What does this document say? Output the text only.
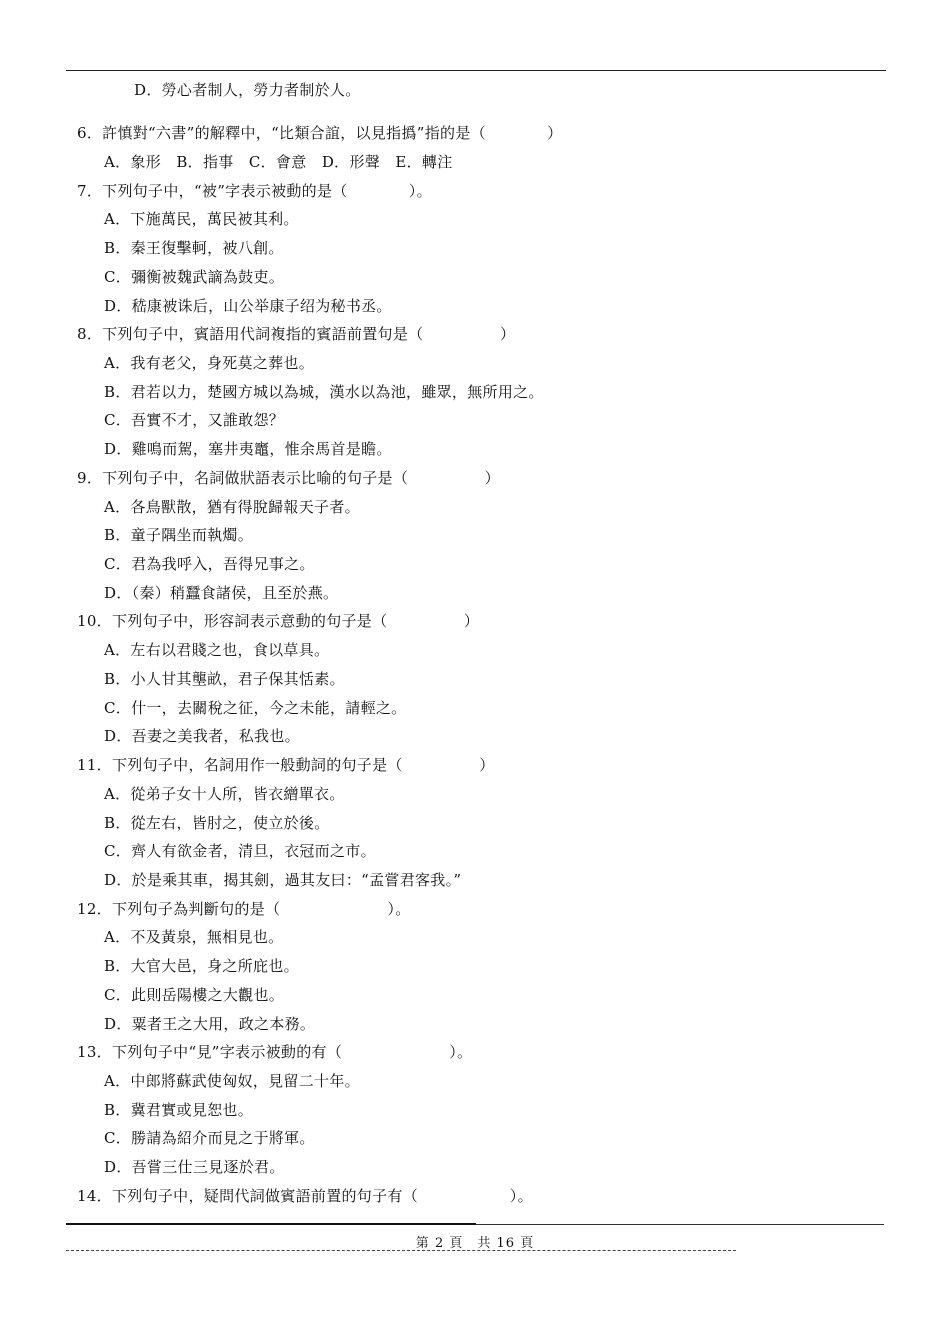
D．勞心者制人，勞力者制於人。
6．許慎對“六書”的解釋中，“比類合誼，以見指撝”指的是（　　　　）
A．象形　B．指事　C．會意　D．形聲　E．轉注
7．下列句子中，“被”字表示被動的是（　　　　）。
A．下施萬民，萬民被其利。
B．秦王復擊軻，被八創。
C．彌衡被魏武謫為鼓吏。
D．嵇康被诛后，山公举康子绍为秘书丞。
8．下列句子中，賓語用代詞複指的賓語前置句是（　　　　　）
A．我有老父，身死莫之葬也。
B．君若以力，楚國方城以為城，漢水以為池，雖眾，無所用之。
C．吾實不才，又誰敢怨？
D．雞鳴而駕，塞井夷竈，惟余馬首是瞻。
9．下列句子中，名詞做狀語表示比喻的句子是（　　　　　）
A．各鳥獸散，猶有得脫歸報天子者。
B．童子隅坐而執燭。
C．君為我呼入，吾得兄事之。
D．（秦）稍蠶食諸侯，且至於燕。
10．下列句子中，形容詞表示意動的句子是（　　　　　）
A．左右以君賤之也，食以草具。
B．小人甘其壟畝，君子保其恬素。
C．什一，去關稅之征，今之未能，請輕之。
D．吾妻之美我者，私我也。
11．下列句子中，名詞用作一般動詞的句子是（　　　　　）
A．從弟子女十人所，皆衣繒單衣。
B．從左右，皆肘之，使立於後。
C．齊人有欲金者，清旦，衣冠而之市。
D．於是乘其車，揭其劍，過其友曰：“孟嘗君客我。”
12．下列句子為判斷句的是（　　　　　　　）。
A．不及黃泉，無相見也。
B．大官大邑，身之所庇也。
C．此則岳陽樓之大觀也。
D．粟者王之大用，政之本務。
13．下列句子中“見”字表示被動的有（　　　　　　　）。
A．中郎將蘇武使匈奴，見留二十年。
B．冀君實或見恕也。
C．勝請為紹介而見之于將軍。
D．吾嘗三仕三見逐於君。
14．下列句子中，疑問代詞做賓語前置的句子有（　　　　　　）。
第 2 頁　共 16 頁
